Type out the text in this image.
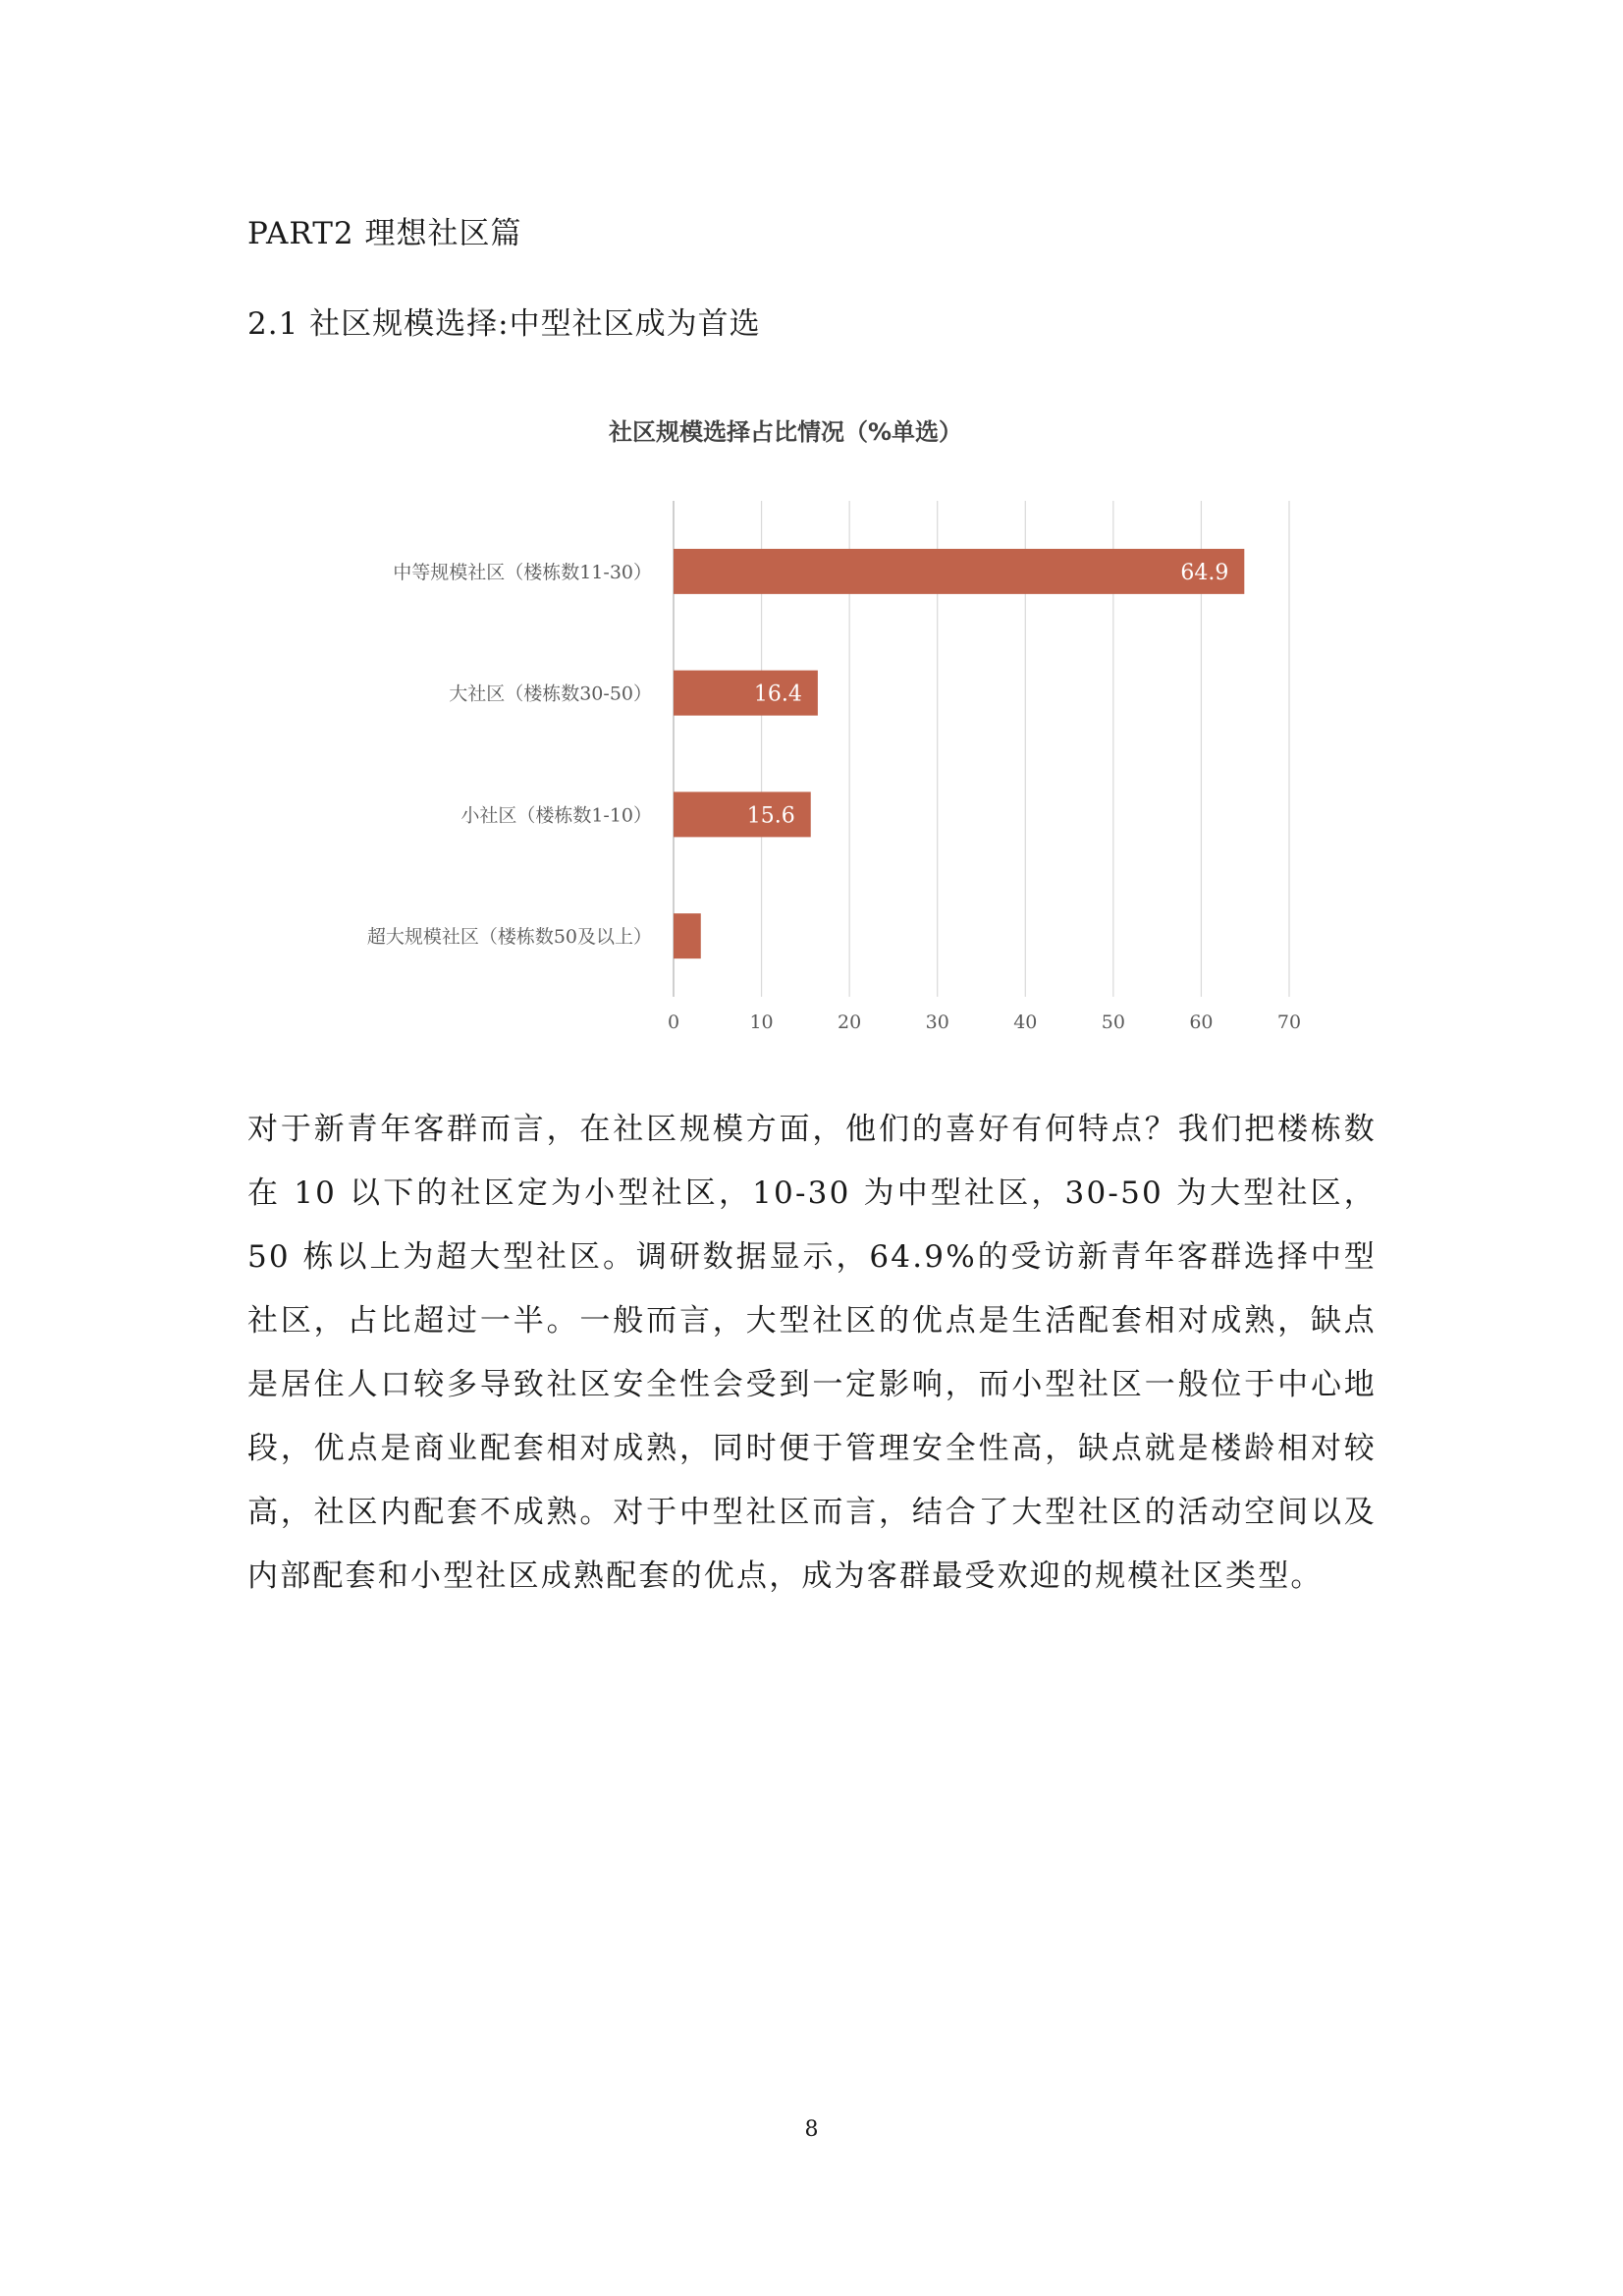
PART2 理想社区篇
2.1 社区规模选择:中型社区成为首选
社区规模选择占比情况（%单选）
64.9
16.4
15.6
中等规模社区（楼栋数11-30）
大社区（楼栋数30-50）
小社区（楼栋数1-10）
超大规模社区（楼栋数50及以上）
0	10	20	30	40	50	60	70

对于新青年客群而言，在社区规模方面，他们的喜好有何特点？我们把楼栋数在 10 以下的社区定为小型社区，10-30 为中型社区，30-50 为大型社区，50 栋以上为超大型社区。调研数据显示，64.9%的受访新青年客群选择中型社区，占比超过一半。一般而言，大型社区的优点是生活配套相对成熟，缺点是居住人口较多导致社区安全性会受到一定影响，而小型社区一般位于中心地段，优点是商业配套相对成熟，同时便于管理安全性高，缺点就是楼龄相对较高，社区内配套不成熟。对于中型社区而言，结合了大型社区的活动空间以及内部配套和小型社区成熟配套的优点，成为客群最受欢迎的规模社区类型。

8
